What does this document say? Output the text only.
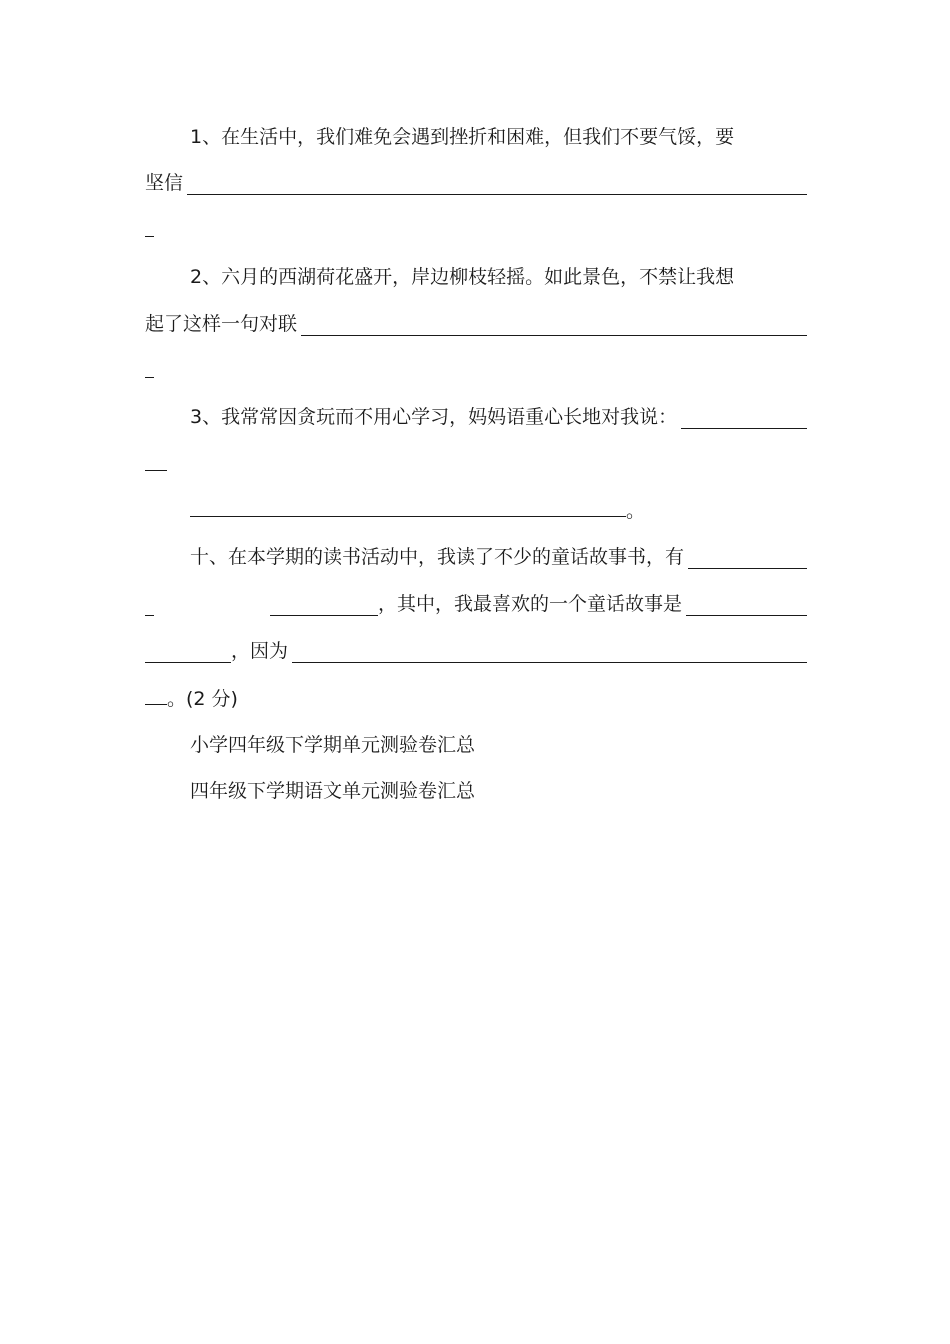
1、在生活中，我们难免会遇到挫折和困难，但我们不要气馁，要
坚信
2、六月的西湖荷花盛开，岸边柳枝轻摇。如此景色，不禁让我想
起了这样一句对联
3、我常常因贪玩而不用心学习，妈妈语重心长地对我说：
。
十、在本学期的读书活动中，我读了不少的童话故事书，有
，其中，我最喜欢的一个童话故事是
，因为
。(2 分)
小学四年级下学期单元测验卷汇总
四年级下学期语文单元测验卷汇总
